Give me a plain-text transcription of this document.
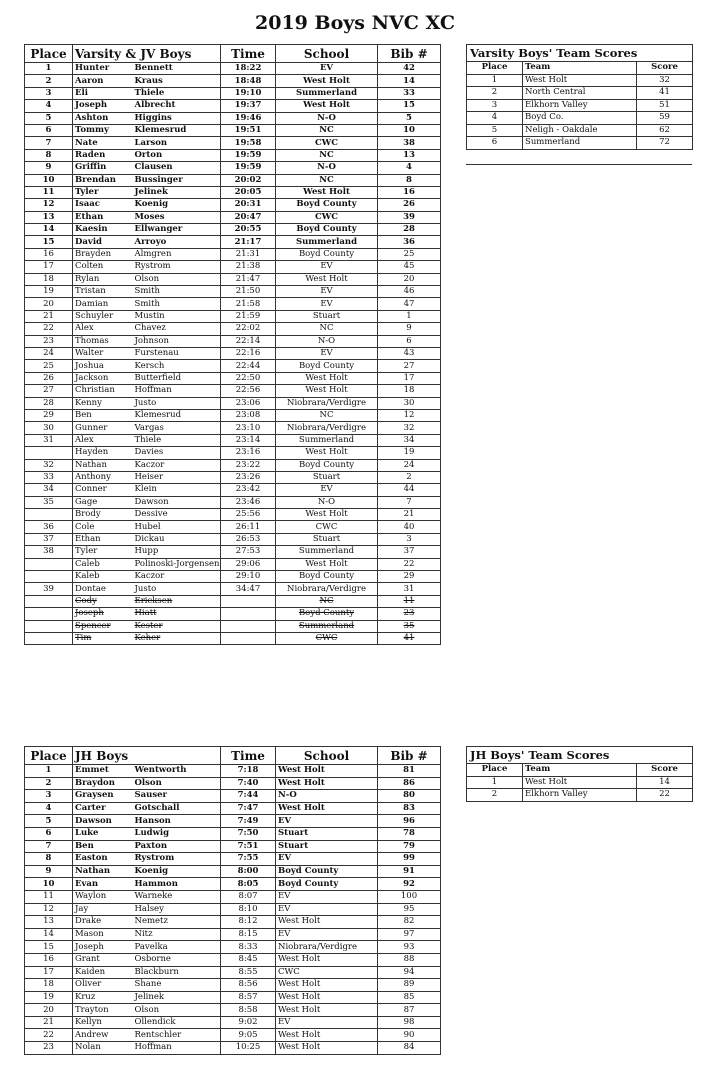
2019 Boys NVC XC
Place	Varsity & JV Boys		Time	School	Bib #
1	Hunter	Bennett	18:22	EV	42
2	Aaron	Kraus	18:48	West Holt	14
3	Eli	Thiele	19:10	Summerland	33
4	Joseph	Albrecht	19:37	West Holt	15
5	Ashton	Higgins	19:46	N-O	5
6	Tommy	Klemesrud	19:51	NC	10
7	Nate	Larson	19:58	CWC	38
8	Raden	Orton	19:59	NC	13
9	Griffin	Clausen	19:59	N-O	4
10	Brendan	Bussinger	20:02	NC	8
11	Tyler	Jelinek	20:05	West Holt	16
12	Isaac	Koenig	20:31	Boyd County	26
13	Ethan	Moses	20:47	CWC	39
14	Kaesin	Ellwanger	20:55	Boyd County	28
15	David	Arroyo	21:17	Summerland	36
16	Brayden	Almgren	21:31	Boyd County	25
17	Colten	Rystrom	21:38	EV	45
18	Rylan	Olson	21:47	West Holt	20
19	Tristan	Smith	21:50	EV	46
20	Damian	Smith	21:58	EV	47
21	Schuyler	Mustin	21:59	Stuart	1
22	Alex	Chavez	22:02	NC	9
23	Thomas	Johnson	22:14	N-O	6
24	Walter	Furstenau	22:16	EV	43
25	Joshua	Kersch	22:44	Boyd County	27
26	Jackson	Butterfield	22:50	West Holt	17
27	Christian	Hoffman	22:56	West Holt	18
28	Kenny	Justo	23:06	Niobrara/Verdigre	30
29	Ben	Klemesrud	23:08	NC	12
30	Gunner	Vargas	23:10	Niobrara/Verdigre	32
31	Alex	Thiele	23:14	Summerland	34
	Hayden	Davies	23:16	West Holt	19
32	Nathan	Kaczor	23:22	Boyd County	24
33	Anthony	Heiser	23:26	Stuart	2
34	Conner	Klein	23:42	EV	44
35	Gage	Dawson	23:46	N-O	7
	Brody	Dessive	25:56	West Holt	21
36	Cole	Hubel	26:11	CWC	40
37	Ethan	Dickau	26:53	Stuart	3
38	Tyler	Hupp	27:53	Summerland	37
	Caleb	Polinoski-Jorgensen	29:06	West Holt	22
	Kaleb	Kaczor	29:10	Boyd County	29
39	Dontae	Justo	34:47	Niobrara/Verdigre	31
	Cody	Ericksen		NC	11
	Joseph	Hiatt		Boyd County	23
	Spencer	Kester		Summerland	35
	Tim	Keher		CWC	41
Varsity Boys' Team Scores		
Place	Team	Score
1	West Holt	32
2	North Central	41
3	Elkhorn Valley	51
4	Boyd Co.	59
5	Neligh - Oakdale	62
6	Summerland	72
Place	JH Boys		Time	School	Bib #
1	Emmet	Wentworth	7:18	West Holt	81
2	Braydon	Olson	7:40	West Holt	86
3	Graysen	Sauser	7:44	N-O	80
4	Carter	Gotschall	7:47	West Holt	83
5	Dawson	Hanson	7:49	EV	96
6	Luke	Ludwig	7:50	Stuart	78
7	Ben	Paxton	7:51	Stuart	79
8	Easton	Rystrom	7:55	EV	99
9	Nathan	Koenig	8:00	Boyd County	91
10	Evan	Hammon	8:05	Boyd County	92
11	Waylon	Warneke	8:07	EV	100
12	Jay	Halsey	8:10	EV	95
13	Drake	Nemetz	8:12	West Holt	82
14	Mason	Nitz	8:15	EV	97
15	Joseph	Pavelka	8:33	Niobrara/Verdigre	93
16	Grant	Osborne	8:45	West Holt	88
17	Kaiden	Blackburn	8:55	CWC	94
18	Oliver	Shane	8:56	West Holt	89
19	Kruz	Jelinek	8:57	West Holt	85
20	Trayton	Olson	8:58	West Holt	87
21	Kellyn	Ollendick	9:02	EV	98
22	Andrew	Rentschler	9:05	West Holt	90
23	Nolan	Hoffman	10:25	West Holt	84
JH Boys' Team Scores		
Place	Team	Score
1	West Holt	14
2	Elkhorn Valley	22
